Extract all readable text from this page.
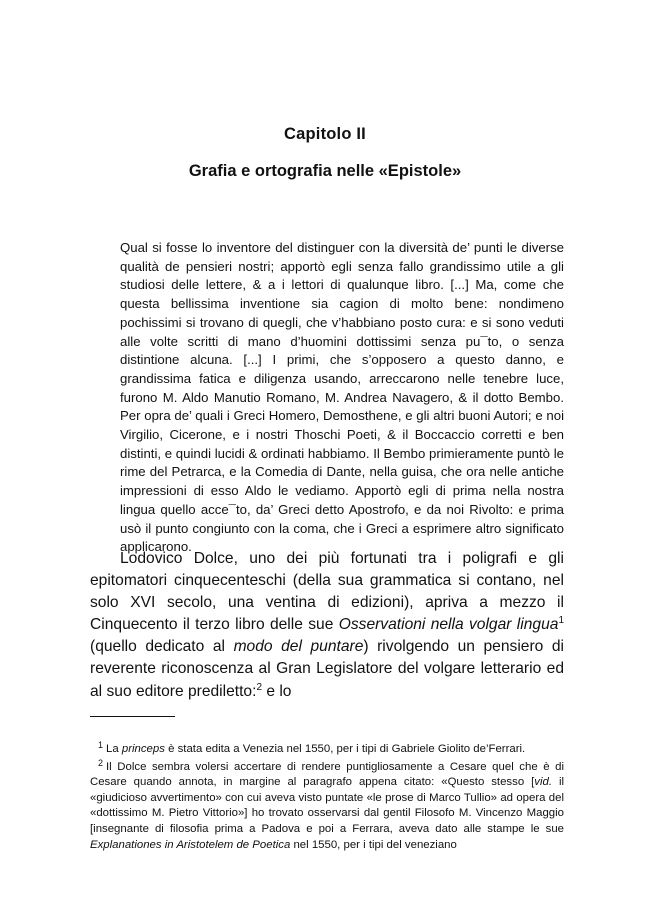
Capitolo II
Grafia e ortografia nelle «Epistole»

Qual si fosse lo inventore del distinguer con la diversità de’ punti le diverse qualità de pensieri nostri; apportò egli senza fallo grandissimo utile a gli studiosi delle lettere, & a i lettori di qualunque libro. [...] Ma, come che questa bellissima inventione sia cagion di molto bene: nondimeno pochissimi si trovano di quegli, che v’habbiano posto cura: e si sono veduti alle volte scritti di mano d’huomini dottissimi senza pu¯to, o senza distintione alcuna. [...] I primi, che s’opposero a questo danno, e grandissima fatica e diligenza usando, arreccarono nelle tenebre luce, furono M. Aldo Manutio Romano, M. Andrea Navagero, & il dotto Bembo. Per opra de’ quali i Greci Homero, Demosthene, e gli altri buoni Autori; e noi Virgilio, Cicerone, e i nostri Thoschi Poeti, & il Boccaccio corretti e ben distinti, e quindi lucidi & ordinati habbiamo. Il Bembo primieramente puntò le rime del Petrarca, e la Comedia di Dante, nella guisa, che ora nelle antiche impressioni di esso Aldo le vediamo. Apportò egli di prima nella nostra lingua quello acce¯to, da’ Greci detto Apostrofo, e da noi Rivolto: e prima usò il punto congiunto con la coma, che i Greci a esprimere altro significato applicarono.

Lodovico Dolce, uno dei più fortunati tra i poligrafi e gli epitomatori cinquecenteschi (della sua grammatica si contano, nel solo XVI secolo, una ventina di edizioni), apriva a mezzo il Cinquecento il terzo libro delle sue Osservationi nella volgar lingua$^1$ (quello dedicato al modo del puntare) rivolgendo un pensiero di reverente riconoscenza al Gran Legislatore del volgare letterario ed al suo editore prediletto:$^2$ e lo

$^1$ La princeps è stata edita a Venezia nel 1550, per i tipi di Gabriele Giolito de’Ferrari.

$^2$ Il Dolce sembra volersi accertare di rendere puntigliosamente a Cesare quel che è di Cesare quando annota, in margine al paragrafo appena citato: «Questo stesso [vid. il «giudicioso avvertimento» con cui aveva visto puntate «le prose di Marco Tullio» ad opera del «dottissimo M. Pietro Vittorio»] ho trovato osservarsi dal gentil Filosofo M. Vincenzo Maggio [insegnante di filosofia prima a Padova e poi a Ferrara, aveva dato alle stampe le sue Explanationes in Aristotelem de Poetica nel 1550, per i tipi del veneziano
